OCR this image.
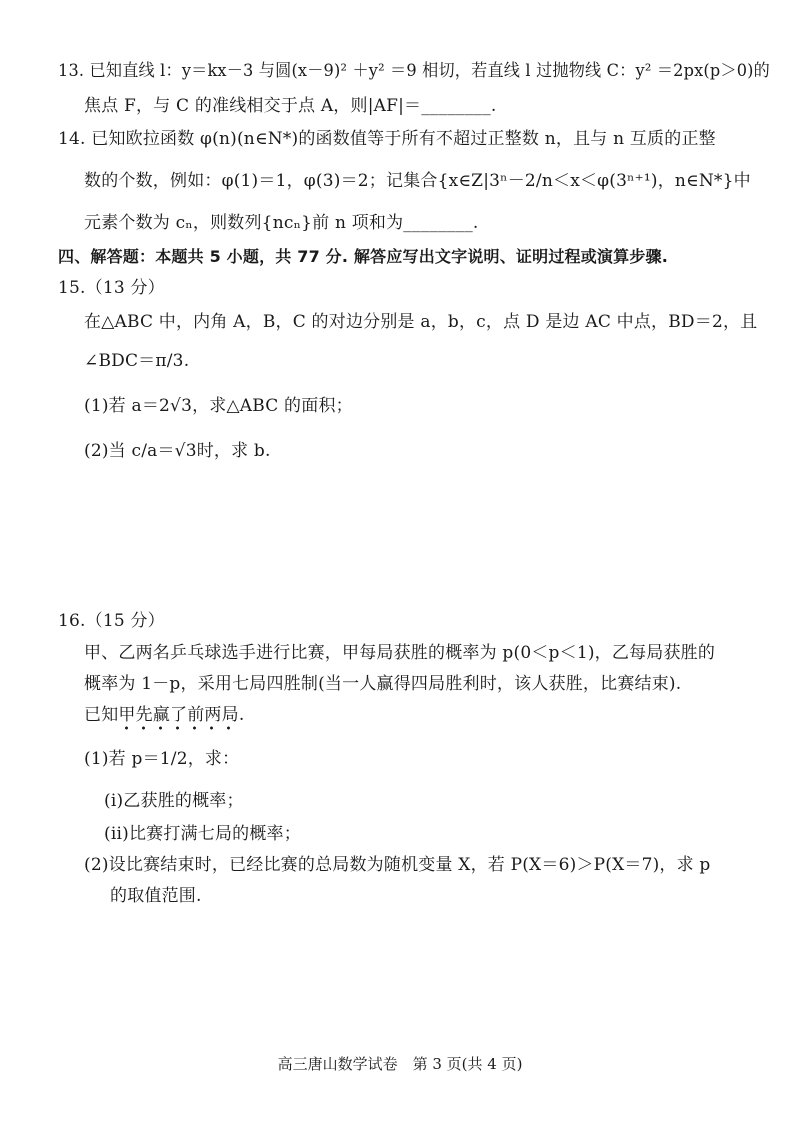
13. 已知直线 l：y＝kx－3 与圆(x－9)² ＋y² ＝9 相切，若直线 l 过抛物线 C：y² ＝2px(p＞0)的
焦点 F，与 C 的准线相交于点 A，则|AF|＝________.
14. 已知欧拉函数 φ(n)(n∈N*)的函数值等于所有不超过正整数 n，且与 n 互质的正整
数的个数，例如：φ(1)＝1，φ(3)＝2；记集合{x∈Z|3ⁿ－2/n＜x＜φ(3ⁿ⁺¹)，n∈N*}中
元素个数为 cₙ，则数列{ncₙ}前 n 项和为________.
四、解答题：本题共 5 小题，共 77 分. 解答应写出文字说明、证明过程或演算步骤.
15.（13 分）
在△ABC 中，内角 A，B，C 的对边分别是 a，b，c，点 D 是边 AC 中点，BD＝2，且
∠BDC＝π/3.
(1)若 a＝2√3，求△ABC 的面积；
(2)当 c/a＝√3时，求 b.
16.（15 分）
甲、乙两名乒乓球选手进行比赛，甲每局获胜的概率为 p(0＜p＜1)，乙每局获胜的
概率为 1－p，采用七局四胜制(当一人赢得四局胜利时，该人获胜，比赛结束).
已知甲先赢了前两局.
(1)若 p＝1/2，求：
(i)乙获胜的概率；
(ii)比赛打满七局的概率；
(2)设比赛结束时，已经比赛的总局数为随机变量 X，若 P(X＝6)＞P(X＝7)，求 p
的取值范围.
高三唐山数学试卷　第 3 页(共 4 页)
